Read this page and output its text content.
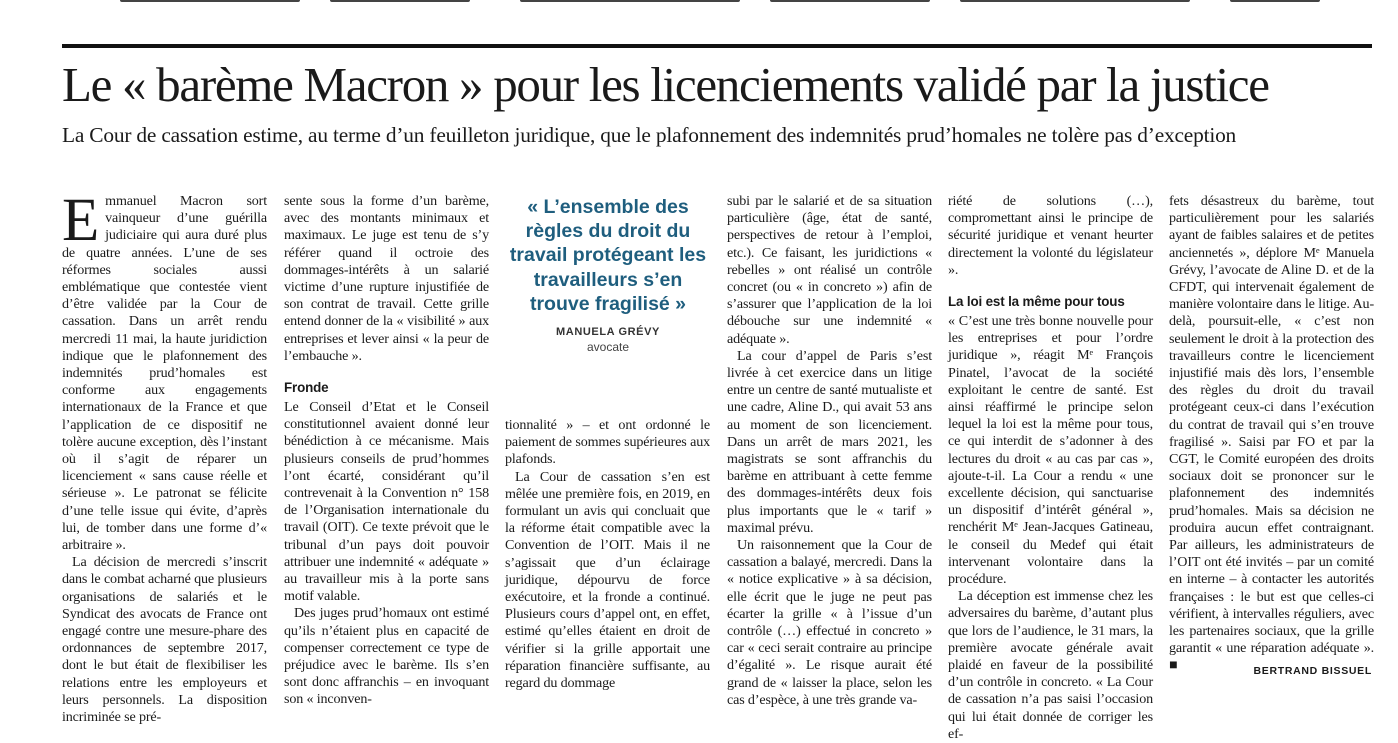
Le « barème Macron » pour les licenciements validé par la justice
La Cour de cassation estime, au terme d’un feuilleton juridique, que le plafonnement des indemnités prud’homales ne tolère pas d’exception

Emmanuel Macron sort vainqueur d’une guérilla judiciaire qui aura duré plus de quatre années. L’une de ses réformes sociales aussi emblématique que contestée vient d’être validée par la Cour de cassation. Dans un arrêt rendu mercredi 11 mai, la haute juridiction indique que le plafonnement des indemnités prud’homales est conforme aux engagements internationaux de la France et que l’application de ce dispositif ne tolère aucune exception, dès l’instant où il s’agit de réparer un licenciement « sans cause réelle et sérieuse ». Le patronat se félicite d’une telle issue qui évite, d’après lui, de tomber dans une forme d’« arbitraire ».

La décision de mercredi s’inscrit dans le combat acharné que plusieurs organisations de salariés et le Syndicat des avocats de France ont engagé contre une mesure-phare des ordonnances de septembre 2017, dont le but était de flexibiliser les relations entre les employeurs et leurs personnels. La disposition incriminée se pré-

sente sous la forme d’un barème, avec des montants minimaux et maximaux. Le juge est tenu de s’y référer quand il octroie des dommages-intérêts à un salarié victime d’une rupture injustifiée de son contrat de travail. Cette grille entend donner de la « visibilité » aux entreprises et lever ainsi « la peur de l’embauche ».

Fronde

Le Conseil d’Etat et le Conseil constitutionnel avaient donné leur bénédiction à ce mécanisme. Mais plusieurs conseils de prud’hommes l’ont écarté, considérant qu’il contrevenait à la Convention n° 158 de l’Organisation internationale du travail (OIT). Ce texte prévoit que le tribunal d’un pays doit pouvoir attribuer une indemnité « adéquate » au travailleur mis à la porte sans motif valable.

Des juges prud’homaux ont estimé qu’ils n’étaient plus en capacité de compenser correctement ce type de préjudice avec le barème. Ils s’en sont donc affranchis – en invoquant son « inconven-

« L’ensemble des règles du droit du travail protégeant les travailleurs s’en trouve fragilisé »

MANUELA GRÉVY
avocate

tionnalité » – et ont ordonné le paiement de sommes supérieures aux plafonds.

La Cour de cassation s’en est mêlée une première fois, en 2019, en formulant un avis qui concluait que la réforme était compatible avec la Convention de l’OIT. Mais il ne s’agissait que d’un éclairage juridique, dépourvu de force exécutoire, et la fronde a continué. Plusieurs cours d’appel ont, en effet, estimé qu’elles étaient en droit de vérifier si la grille apportait une réparation financière suffisante, au regard du dommage

subi par le salarié et de sa situation particulière (âge, état de santé, perspectives de retour à l’emploi, etc.). Ce faisant, les juridictions « rebelles » ont réalisé un contrôle concret (ou « in concreto ») afin de s’assurer que l’application de la loi débouche sur une indemnité « adéquate ».

La cour d’appel de Paris s’est livrée à cet exercice dans un litige entre un centre de santé mutualiste et une cadre, Aline D., qui avait 53 ans au moment de son licenciement. Dans un arrêt de mars 2021, les magistrats se sont affranchis du barème en attribuant à cette femme des dommages-intérêts deux fois plus importants que le « tarif » maximal prévu.

Un raisonnement que la Cour de cassation a balayé, mercredi. Dans la « notice explicative » à sa décision, elle écrit que le juge ne peut pas écarter la grille « à l’issue d’un contrôle (…) effectué in concreto » car « ceci serait contraire au principe d’égalité ». Le risque aurait été grand de « laisser la place, selon les cas d’espèce, à une très grande va-

riété de solutions (…), compromettant ainsi le principe de sécurité juridique et venant heurter directement la volonté du législateur ».

La loi est la même pour tous

« C’est une très bonne nouvelle pour les entreprises et pour l’ordre juridique », réagit Mᵉ François Pinatel, l’avocat de la société exploitant le centre de santé. Est ainsi réaffirmé le principe selon lequel la loi est la même pour tous, ce qui interdit de s’adonner à des lectures du droit « au cas par cas », ajoute-t-il. La Cour a rendu « une excellente décision, qui sanctuarise un dispositif d’intérêt général », renchérit Mᵉ Jean-Jacques Gatineau, le conseil du Medef qui était intervenant volontaire dans la procédure.

La déception est immense chez les adversaires du barème, d’autant plus que lors de l’audience, le 31 mars, la première avocate générale avait plaidé en faveur de la possibilité d’un contrôle in concreto. « La Cour de cassation n’a pas saisi l’occasion qui lui était donnée de corriger les ef-

fets désastreux du barème, tout particulièrement pour les salariés ayant de faibles salaires et de petites anciennetés », déplore Mᵉ Manuela Grévy, l’avocate de Aline D. et de la CFDT, qui intervenait également de manière volontaire dans le litige. Au-delà, poursuit-elle, « c’est non seulement le droit à la protection des travailleurs contre le licenciement injustifié mais dès lors, l’ensemble des règles du droit du travail protégeant ceux-ci dans l’exécution du contrat de travail qui s’en trouve fragilisé ». Saisi par FO et par la CGT, le Comité européen des droits sociaux doit se prononcer sur le plafonnement des indemnités prud’homales. Mais sa décision ne produira aucun effet contraignant. Par ailleurs, les administrateurs de l’OIT ont été invités – par un comité en interne – à contacter les autorités françaises : le but est que celles-ci vérifient, à intervalles réguliers, avec les partenaires sociaux, que la grille garantit « une réparation adéquate ». ■	BERTRAND BISSUEL
